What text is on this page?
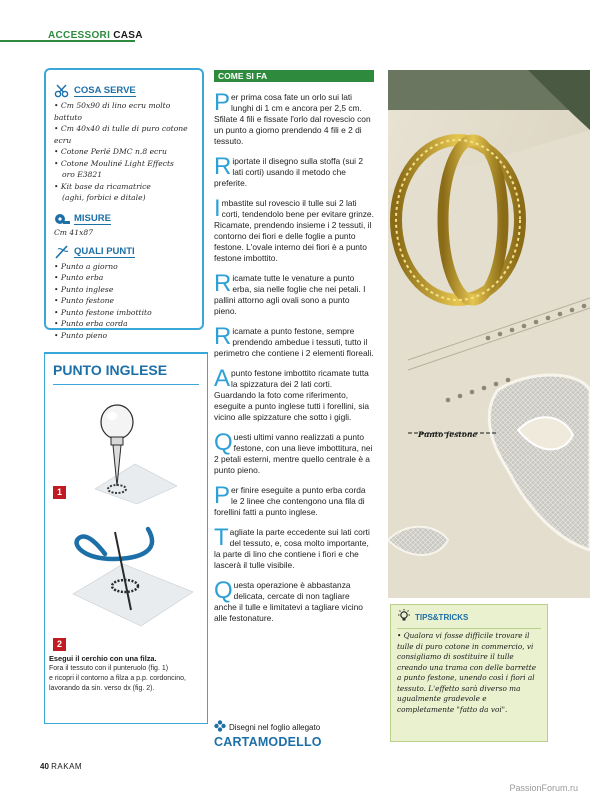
ACCESSORI CASA
COSA SERVE
• Cm 50x90 di lino ecru molto battuto
• Cm 40x40 di tulle di puro cotone ecru
• Cotone Perlé DMC n.8 ecru
• Cotone Mouliné Light Effects
oro E3821
• Kit base da ricamatrice
(aghi, forbici e ditale)
MISURE
Cm 41x87
QUALI PUNTI
• Punto a giorno
• Punto erba
• Punto inglese
• Punto festone
• Punto festone imbottito
• Punto erba corda
• Punto pieno
PUNTO INGLESE
1
2
Esegui il cerchio con una filza.
Fora il tessuto con il punteruolo (fig. 1)
e ricopri il contorno a filza a p.p. cordoncino,
lavorando da sin. verso dx (fig. 2).
COME SI FA

Per prima cosa fate un orlo sui lati lunghi di 1 cm e ancora per 2,5 cm. Sfilate 4 fili e fissate l'orlo dal rovescio con un punto a giorno prendendo 4 fili e 2 di tessuto.

Riportate il disegno sulla stoffa (sui 2 lati corti) usando il metodo che preferite.

Imbastite sul rovescio il tulle sui 2 lati corti, tendendolo bene per evitare grinze. Ricamate, prendendo insieme i 2 tessuti, il contorno dei fiori e delle foglie a punto festone. L'ovale interno dei fiori è a punto festone imbottito.

Ricamate tutte le venature a punto erba, sia nelle foglie che nei petali. I pallini attorno agli ovali sono a punto pieno.

Ricamate a punto festone, sempre prendendo ambedue i tessuti, tutto il perimetro che contiene i 2 elementi floreali.

A punto festone imbottito ricamate tutta la spizzatura dei 2 lati corti. Guardando la foto come riferimento, eseguite a punto inglese tutti i forellini, sia vicino alle spizzature che sotto i gigli.

Questi ultimi vanno realizzati a punto festone, con una lieve imbottitura, nei 2 petali esterni, mentre quello centrale è a punto pieno.

Per finire eseguite a punto erba corda le 2 linee che contengono una fila di forellini fatti a punto inglese.

Tagliate la parte eccedente sui lati corti del tessuto, e, cosa molto importante, la parte di lino che contiene i fiori e che lascerà il tulle visibile.

Questa operazione è abbastanza delicata, cercate di non tagliare anche il tulle e limitatevi a tagliare vicino alle festonature.

Disegni nel foglio allegato
CARTAMODELLO
Punto festone
TIPS&TRICKS
• Qualora vi fosse difficile trovare il tulle di puro cotone in commercio, vi consigliamo di sostituire il tulle creando una trama con delle barrette a punto festone, unendo così i fiori al tessuto. L'effetto sarà diverso ma ugualmente gradevole e completamente "fatto da voi".
40 RAKAM
PassionForum.ru
